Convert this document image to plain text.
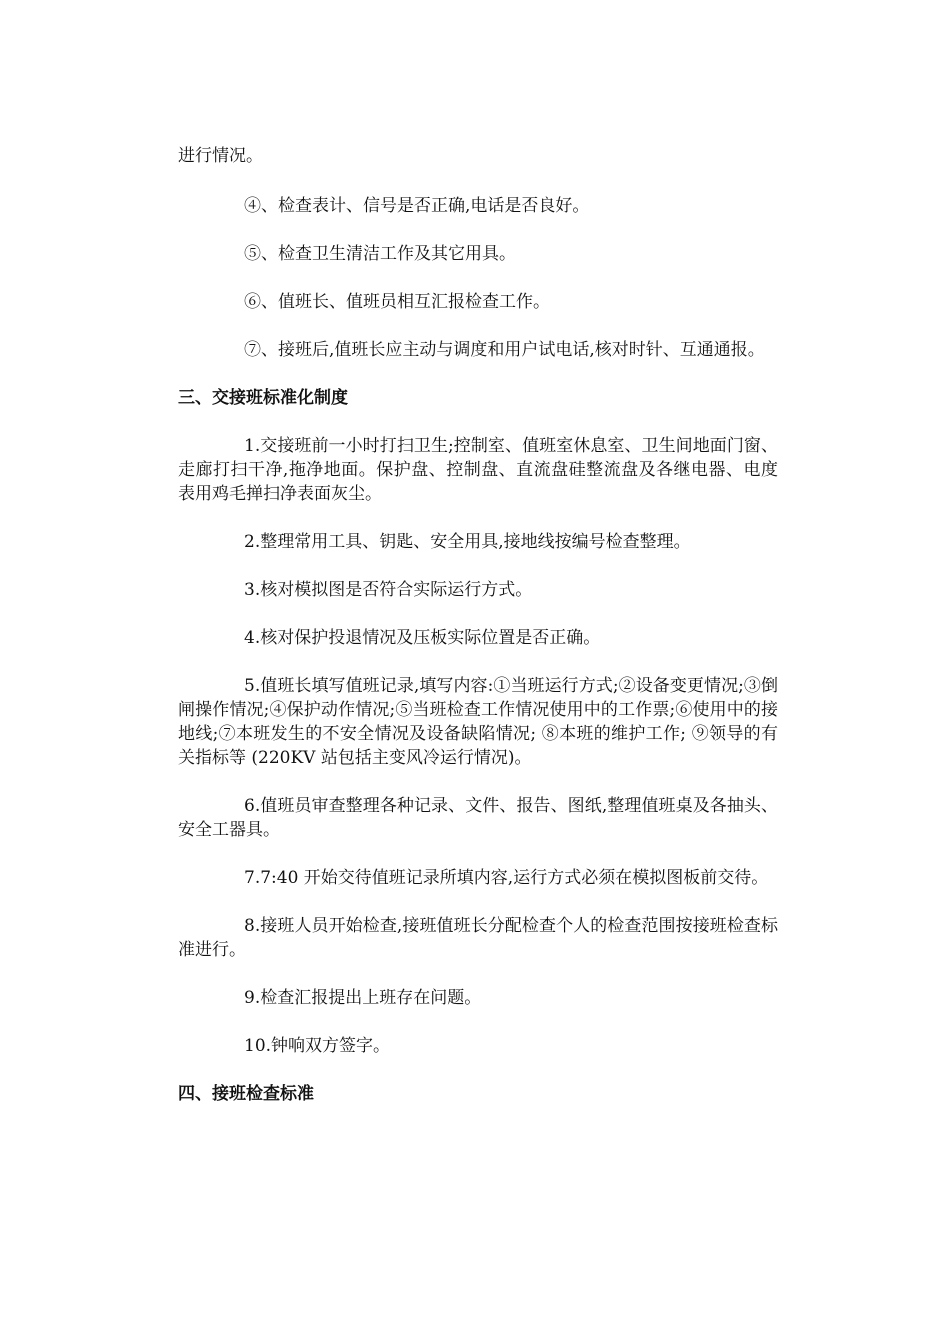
进行情况。

④、检查表计、信号是否正确,电话是否良好。

⑤、检查卫生清洁工作及其它用具。

⑥、值班长、值班员相互汇报检查工作。

⑦、接班后,值班长应主动与调度和用户试电话,核对时针、互通通报。

三、交接班标准化制度

1.交接班前一小时打扫卫生;控制室、值班室休息室、卫生间地面门窗、走廊打扫干净,拖净地面。保护盘、控制盘、直流盘硅整流盘及各继电器、电度表用鸡毛掸扫净表面灰尘。

2.整理常用工具、钥匙、安全用具,接地线按编号检查整理。

3.核对模拟图是否符合实际运行方式。

4.核对保护投退情况及压板实际位置是否正确。

5.值班长填写值班记录,填写内容:①当班运行方式;②设备变更情况;③倒闸操作情况;④保护动作情况;⑤当班检查工作情况使用中的工作票;⑥使用中的接地线;⑦本班发生的不安全情况及设备缺陷情况; ⑧本班的维护工作; ⑨领导的有关指标等 (220KV 站包括主变风冷运行情况)。

6.值班员审查整理各种记录、文件、报告、图纸,整理值班桌及各抽头、安全工器具。

7.7:40 开始交待值班记录所填内容,运行方式必须在模拟图板前交待。

8.接班人员开始检查,接班值班长分配检查个人的检查范围按接班检查标准进行。

9.检查汇报提出上班存在问题。

10.钟响双方签字。

四、接班检查标准
